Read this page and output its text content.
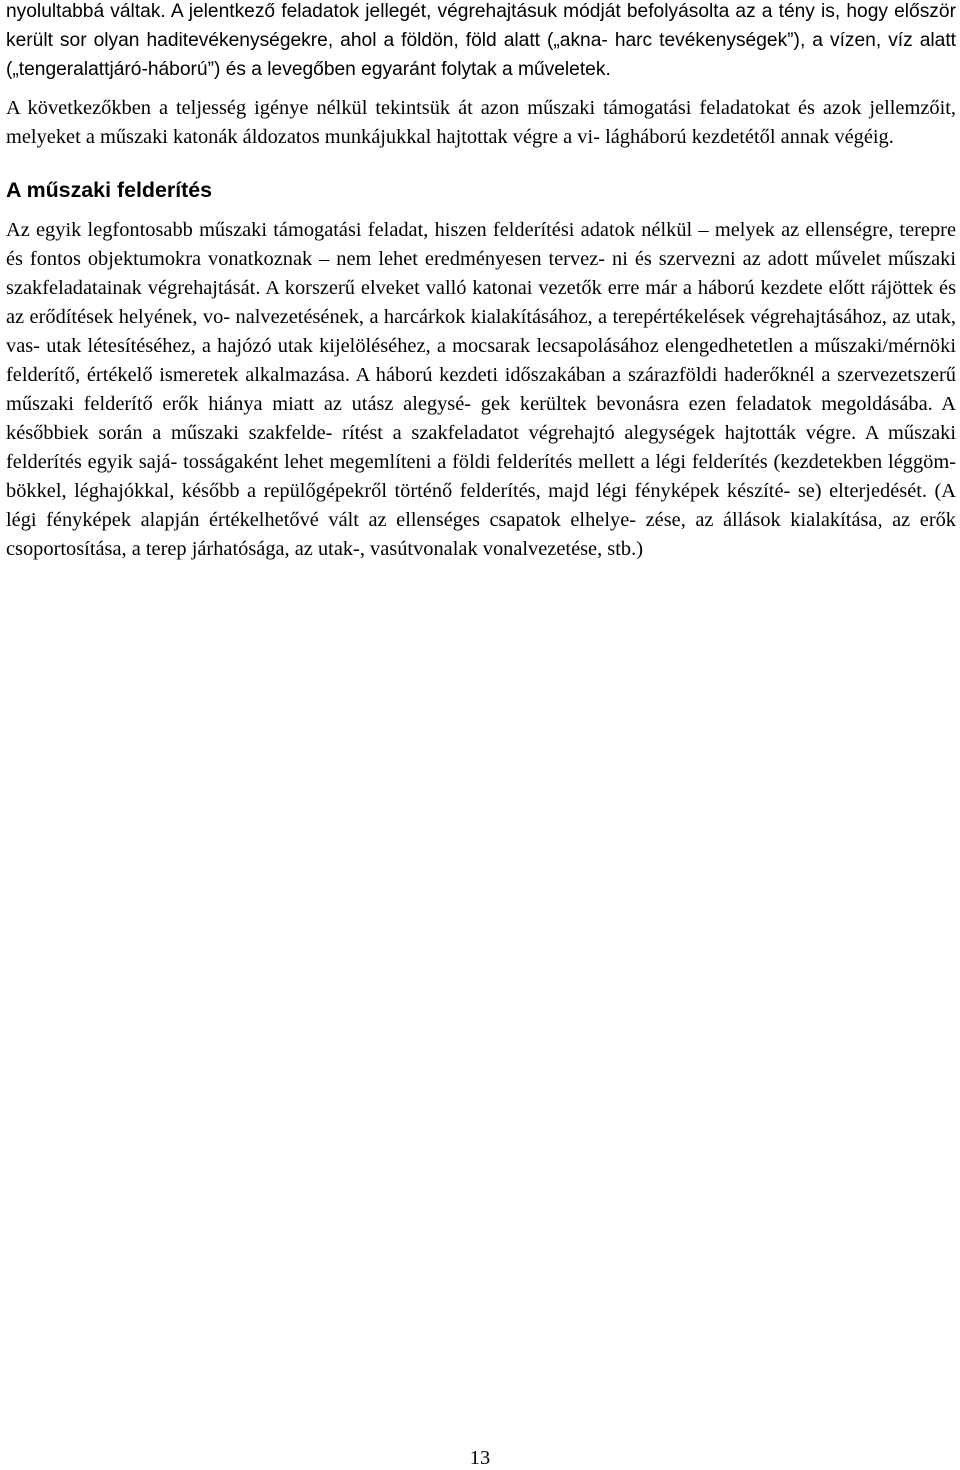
nyolultabbá váltak. A jelentkező feladatok jellegét, végrehajtásuk módját befolyásolta az a tény is, hogy először került sor olyan haditevékenységekre, ahol a földön, föld alatt („akna- harc tevékenységek”), a vízen, víz alatt („tengeralattjáró-háború”) és a levegőben egyaránt folytak a műveletek.

A következőkben a teljesség igénye nélkül tekintsük át azon műszaki támogatási feladatokat és azok jellemzőit, melyeket a műszaki katonák áldozatos munkájukkal hajtottak végre a vi- lágháború kezdetétől annak végéig.

A műszaki felderítés

Az egyik legfontosabb műszaki támogatási feladat, hiszen felderítési adatok nélkül – melyek az ellenségre, terepre és fontos objektumokra vonatkoznak – nem lehet eredményesen tervez- ni és szervezni az adott művelet műszaki szakfeladatainak végrehajtását. A korszerű elveket valló katonai vezetők erre már a háború kezdete előtt rájöttek és az erődítések helyének, vo- nalvezetésének, a harcárkok kialakításához, a terepértékelések végrehajtásához, az utak, vas- utak létesítéséhez, a hajózó utak kijelöléséhez, a mocsarak lecsapolásához elengedhetetlen a műszaki/mérnöki felderítő, értékelő ismeretek alkalmazása. A háború kezdeti időszakában a szárazföldi haderőknél a szervezetszerű műszaki felderítő erők hiánya miatt az utász alegysé- gek kerültek bevonásra ezen feladatok megoldásába. A későbbiek során a műszaki szakfelde- rítést a szakfeladatot végrehajtó alegységek hajtották végre. A műszaki felderítés egyik sajá- tosságaként lehet megemlíteni a földi felderítés mellett a légi felderítés (kezdetekben léggöm- bökkel, léghajókkal, később a repülőgépekről történő felderítés, majd légi fényképek készíté- se) elterjedését. (A légi fényképek alapján értékelhetővé vált az ellenséges csapatok elhelye- zése, az állások kialakítása, az erők csoportosítása, a terep járhatósága, az utak-, vasútvonalak vonalvezetése, stb.)

13
